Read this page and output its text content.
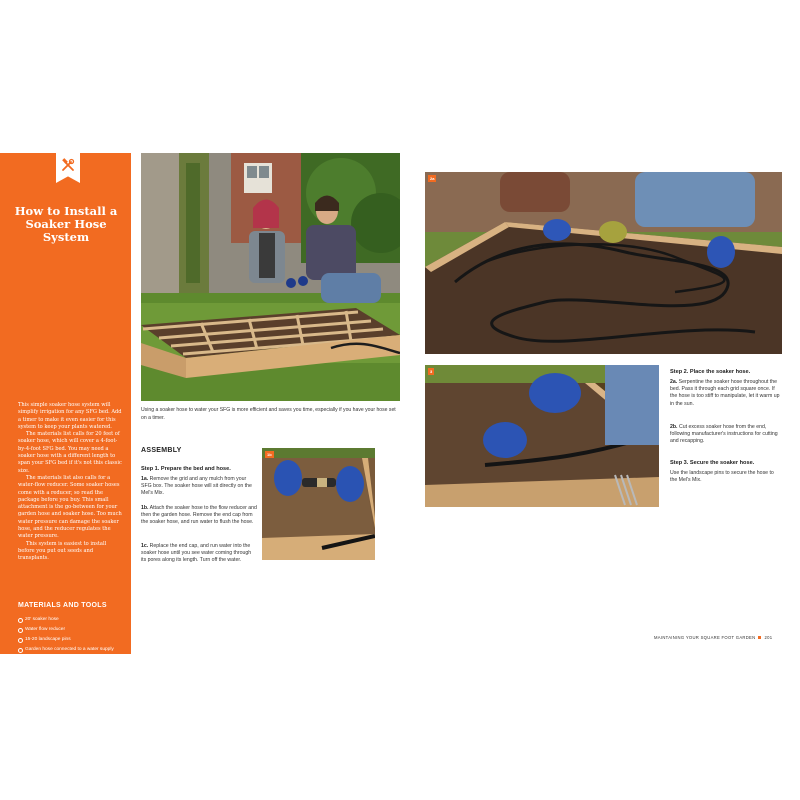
How to Install a Soaker Hose System

This simple soaker hose system will simplify irrigation for any SFG bed. Add a timer to make it even easier for this system to keep your plants watered.

The materials list calls for 20 feet of soaker hose, which will cover a 4-foot-by-4-foot SFG bed. You may need a soaker hose with a different length to span your SFG bed if it's not this classic size.

The materials list also calls for a water-flow reducer. Some soaker hoses come with a reducer, so read the package before you buy. This small attachment is the go-between for your garden hose and soaker hose. Too much water pressure can damage the soaker hose, and the reducer regulates the water pressure.

This system is easiest to install before you put out seeds and transplants.

MATERIALS AND TOOLS
20' soaker hose
Water flow reducer
15-20 landscape pins
Garden hose connected to a water supply
200 ALL NEW SQUARE FOOT GARDENING
2a
3
1b
Using a soaker hose to water your SFG is more efficient and saves you time, especially if you have your hose set on a timer.
ASSEMBLY

Step 1. Prepare the bed and hose.

1a. Remove the grid and any mulch from your SFG box. The soaker hose will sit directly on the Mel's Mix.

1b. Attach the soaker hose to the flow reducer and then the garden hose. Remove the end cap from the soaker hose, and run water to flush the hose.

1c. Replace the end cap, and run water into the soaker hose until you see water coming through its pores along its length. Turn off the water.

Step 2. Place the soaker hose.

2a. Serpentine the soaker hose throughout the bed. Pass it through each grid square once. If the hose is too stiff to manipulate, let it warm up in the sun.

2b. Cut excess soaker hose from the end, following manufacturer's instructions for cutting and recapping.

Step 3. Secure the soaker hose.

Use the landscape pins to secure the hose to the Mel's Mix.

MAINTAINING YOUR SQUARE FOOT GARDEN 201
